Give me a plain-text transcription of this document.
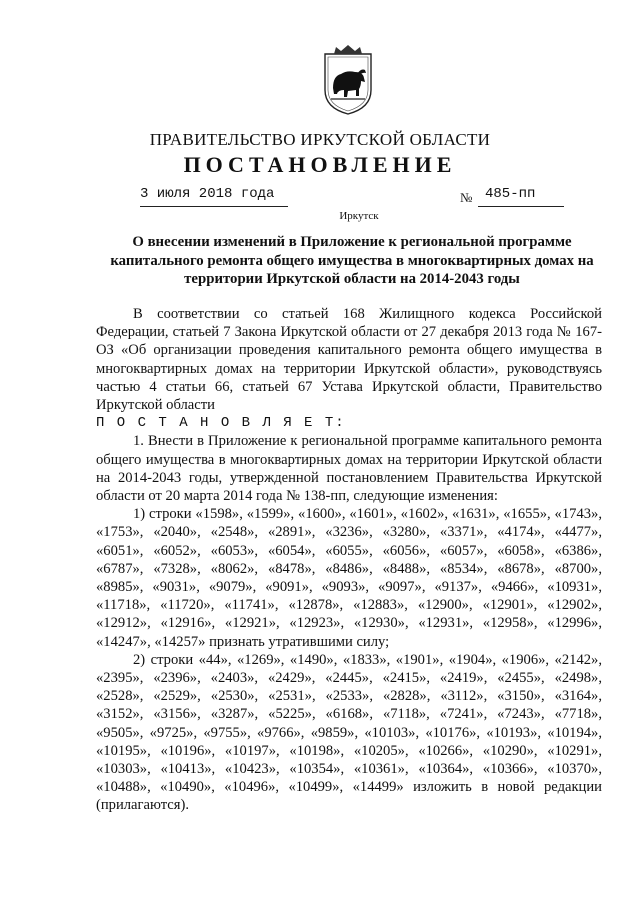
ПРАВИТЕЛЬСТВО ИРКУТСКОЙ ОБЛАСТИ
ПОСТАНОВЛЕНИЕ
3 июля 2018 года	№ 485-пп
Иркутск
О внесении изменений в Приложение к региональной программе капитального ремонта общего имущества в многоквартирных домах на территории Иркутской области на 2014-2043 годы

В соответствии со статьей 168 Жилищного кодекса Российской Федерации, статьей 7 Закона Иркутской области от 27 декабря 2013 года № 167-ОЗ «Об организации проведения капитального ремонта общего имущества в многоквартирных домах на территории Иркутской области», руководствуясь частью 4 статьи 66, статьей 67 Устава Иркутской области, Правительство Иркутской области

П О С Т А Н О В Л Я Е Т:

1. Внести в Приложение к региональной программе капитального ремонта общего имущества в многоквартирных домах на территории Иркутской области на 2014-2043 годы, утвержденной постановлением Правительства Иркутской области от 20 марта 2014 года № 138-пп, следующие изменения:

1) строки «1598», «1599», «1600», «1601», «1602», «1631», «1655», «1743», «1753», «2040», «2548», «2891», «3236», «3280», «3371», «4174», «4477», «6051», «6052», «6053», «6054», «6055», «6056», «6057», «6058», «6386», «6787», «7328», «8062», «8478», «8486», «8488», «8534», «8678», «8700», «8985», «9031», «9079», «9091», «9093», «9097», «9137», «9466», «10931», «11718», «11720», «11741», «12878», «12883», «12900», «12901», «12902», «12912», «12916», «12921», «12923», «12930», «12931», «12958», «12996», «14247», «14257» признать утратившими силу;

2) строки «44», «1269», «1490», «1833», «1901», «1904», «1906», «2142», «2395», «2396», «2403», «2429», «2445», «2415», «2419», «2455», «2498», «2528», «2529», «2530», «2531», «2533», «2828», «3112», «3150», «3164», «3152», «3156», «3287», «5225», «6168», «7118», «7241», «7243», «7718», «9505», «9725», «9755», «9766», «9859», «10103», «10176», «10193», «10194», «10195», «10196», «10197», «10198», «10205», «10266», «10290», «10291», «10303», «10413», «10423», «10354», «10361», «10364», «10366», «10370», «10488», «10490», «10496», «10499», «14499» изложить в новой редакции (прилагаются).
